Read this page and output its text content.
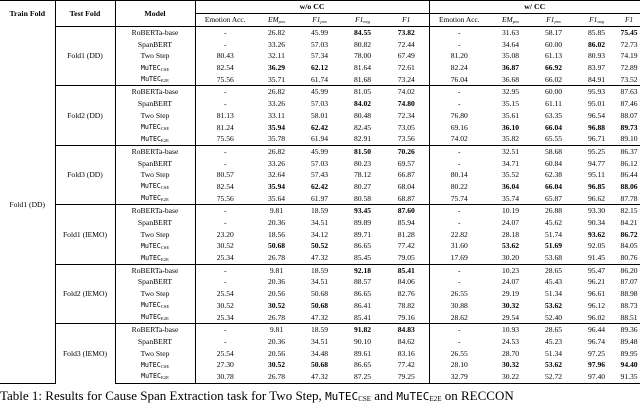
Train Fold	Test Fold	Model	w/o CC					w/ CC				
			Emotion Acc.	$EM_{pos}$	$F1_{pos}$	$F1_{neg}$	F1	Emotion Acc.	$EM_{pos}$	$F1_{pos}$	$F1_{neg}$	F1
Fold1 (DD)	Fold1 (DD)	RoBERTa-base	-	26.82	45.99	84.55	73.82	-	31.63	58.17	85.85	75.45
		SpanBERT	-	33.26	57.03	80.82	72.44	-	34.64	60.00	86.02	72.73
		Two Step	80.43	32.11	57.34	78.00	67.49	81.20	35.08	61.13	80.93	74.19
		MuTEC$_{CSE}$	82.54	36.29	62.12	81.64	72.61	82.24	36.87	66.92	83.97	72.89
		MuTEC$_{E2E}$	75.56	35.71	61.74	81.68	73.24	76.04	36.68	66.02	84.91	73.52
	Fold2 (DD)	RoBERTa-base	-	26.82	45.99	81.05	74.02	-	32.95	60.00	95.93	87.63
		SpanBERT	-	33.26	57.03	84.02	74.80	-	35.15	61.11	95.01	87.46
		Two Step	81.13	33.11	58.01	80.48	72.34	76.80	35.61	63.35	96.54	88.07
		MuTEC$_{CSE}$	81.24	35.94	62.42	82.45	73.05	69.16	36.10	66.04	96.88	89.73
		MuTEC$_{E2E}$	75.56	35.78	61.94	82.91	73.56	74.02	35.82	65.55	96.71	89.10
	Fold3 (DD)	RoBERTa-base	-	26.82	45.99	81.50	70.26	-	32.51	58.68	95.25	86.37
		SpanBERT	-	33.26	57.03	80.23	69.57	-	34.71	60.84	94.77	86.12
		Two Step	80.57	32.64	57.43	78.12	66.87	80.14	35.52	62.38	95.11	86.44
		MuTEC$_{CSE}$	82.54	35.94	62.42	80.27	68.04	80.22	36.04	66.04	96.85	88.06
		MuTEC$_{E2E}$	75.56	35.64	61.97	80.58	68.87	75.74	35.74	65.87	96.62	87.78
	Fold1 (IEMO)	RoBERTa-base	-	9.81	18.59	93.45	87.60	-	10.19	26.88	93.30	82.15
		SpanBERT	-	20.36	34.51	89.89	85.94	-	24.07	45.62	90.34	84.21
		Two Step	23.20	18.56	34.12	89.71	81.28	22.82	28.18	51.74	93.62	86.72
		MuTEC$_{CSE}$	30.52	50.68	50.52	86.65	77.42	31.60	53.62	51.69	92.05	84.05
		MuTEC$_{E2E}$	25.34	26.78	47.32	85.45	79.05	17.69	30.20	53.68	91.45	80.76
	Fold2 (IEMO)	RoBERTa-base	-	9.81	18.59	92.18	85.41	-	10.23	28.65	95.47	86.20
		SpanBERT	-	20.36	34.51	88.57	84.06	-	24.07	45.43	96.21	87.07
		Two Step	25.54	20.56	50.68	86.65	82.76	26.55	29.19	51.34	96.61	88.98
		MuTEC$_{CSE}$	30.52	30.52	50.68	86.41	78.82	30.88	30.32	53.62	96.12	88.73
		MuTEC$_{E2E}$	25.34	26.78	47.32	85.41	79.16	28.62	29.54	52.40	96.02	88.51
	Fold3 (IEMO)	RoBERTa-base	-	9.81	18.59	91.82	84.83	-	10.93	28.65	96.44	89.36
		SpanBERT	-	20.36	34.51	90.10	84.62	-	24.53	45.23	96.74	89.48
		Two Step	25.54	20.56	34.48	89.61	83.16	26.55	28.70	51.34	97.25	89.95
		MuTEC$_{CSE}$	27.30	30.52	50.68	86.65	77.42	28.10	30.32	53.62	97.96	94.40
		MuTEC$_{E2E}$	30.78	26.78	47.32	87.25	79.25	32.79	30.22	52.72	97.40	91.35
Table 1: Results for Cause Span Extraction task for Two Step, MuTECCSE and MuTECE2E on RECCON
